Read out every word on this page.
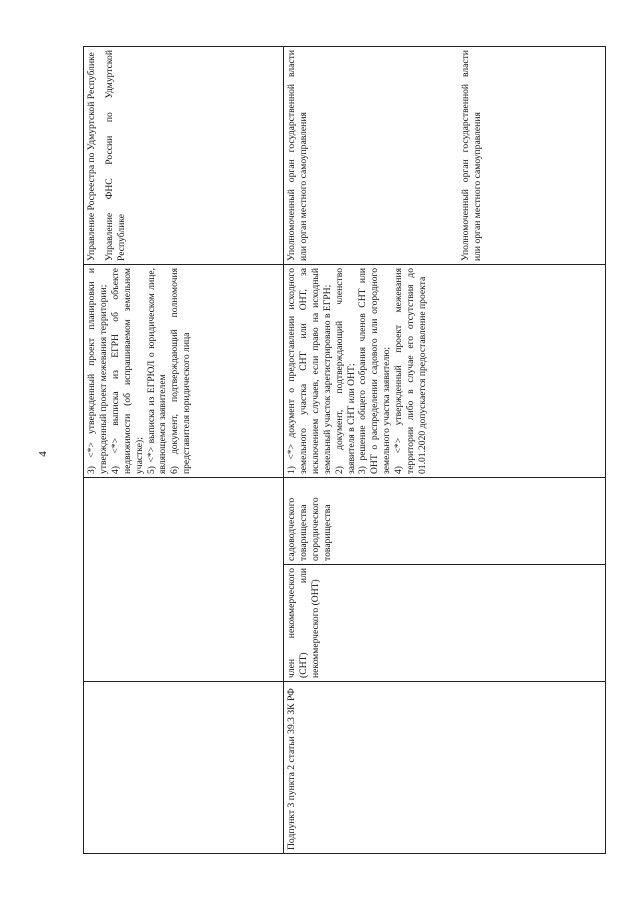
4

			3) <*> утвержденный проект планировки и утвержденный проект межевания территории; 4) <*> выписка из ЕГРН об объекте недвижимости (об испрашиваемом земельном участке); 5) <*> выписка из ЕГРЮЛ о юридическом лице, являющемся заявителем 6) документ, подтверждающий полномочия представителя юридического лица	Управление Росреестра по Удмуртской Республике Управление ФНС России по Удмуртской Республике

Подпункт 3 пункта 2 статьи 39.3 ЗК РФ	член некоммерческого (СНТ) или некоммерческого (ОНТ)	садоводческого товарищества огородического товарищества	1) <*> документ о предоставлении исходного земельного участка СНТ или ОНТ, за исключением случаев, если право на исходный земельный участок зарегистрировано в ЕГРН; 2) документ, подтверждающий членство заявителя в СНТ или ОНТ; 3) решение общего собрания членов СНТ или ОНТ о распределении садового или огородного земельного участка заявителю; 4) <*> утвержденный проект межевания территории либо в случае его отсутствия до 01.01.2020 допускается предоставление проекта	Уполномоченный орган государственной власти или орган местного самоуправления Уполномоченный орган государственной власти или орган местного самоуправления
